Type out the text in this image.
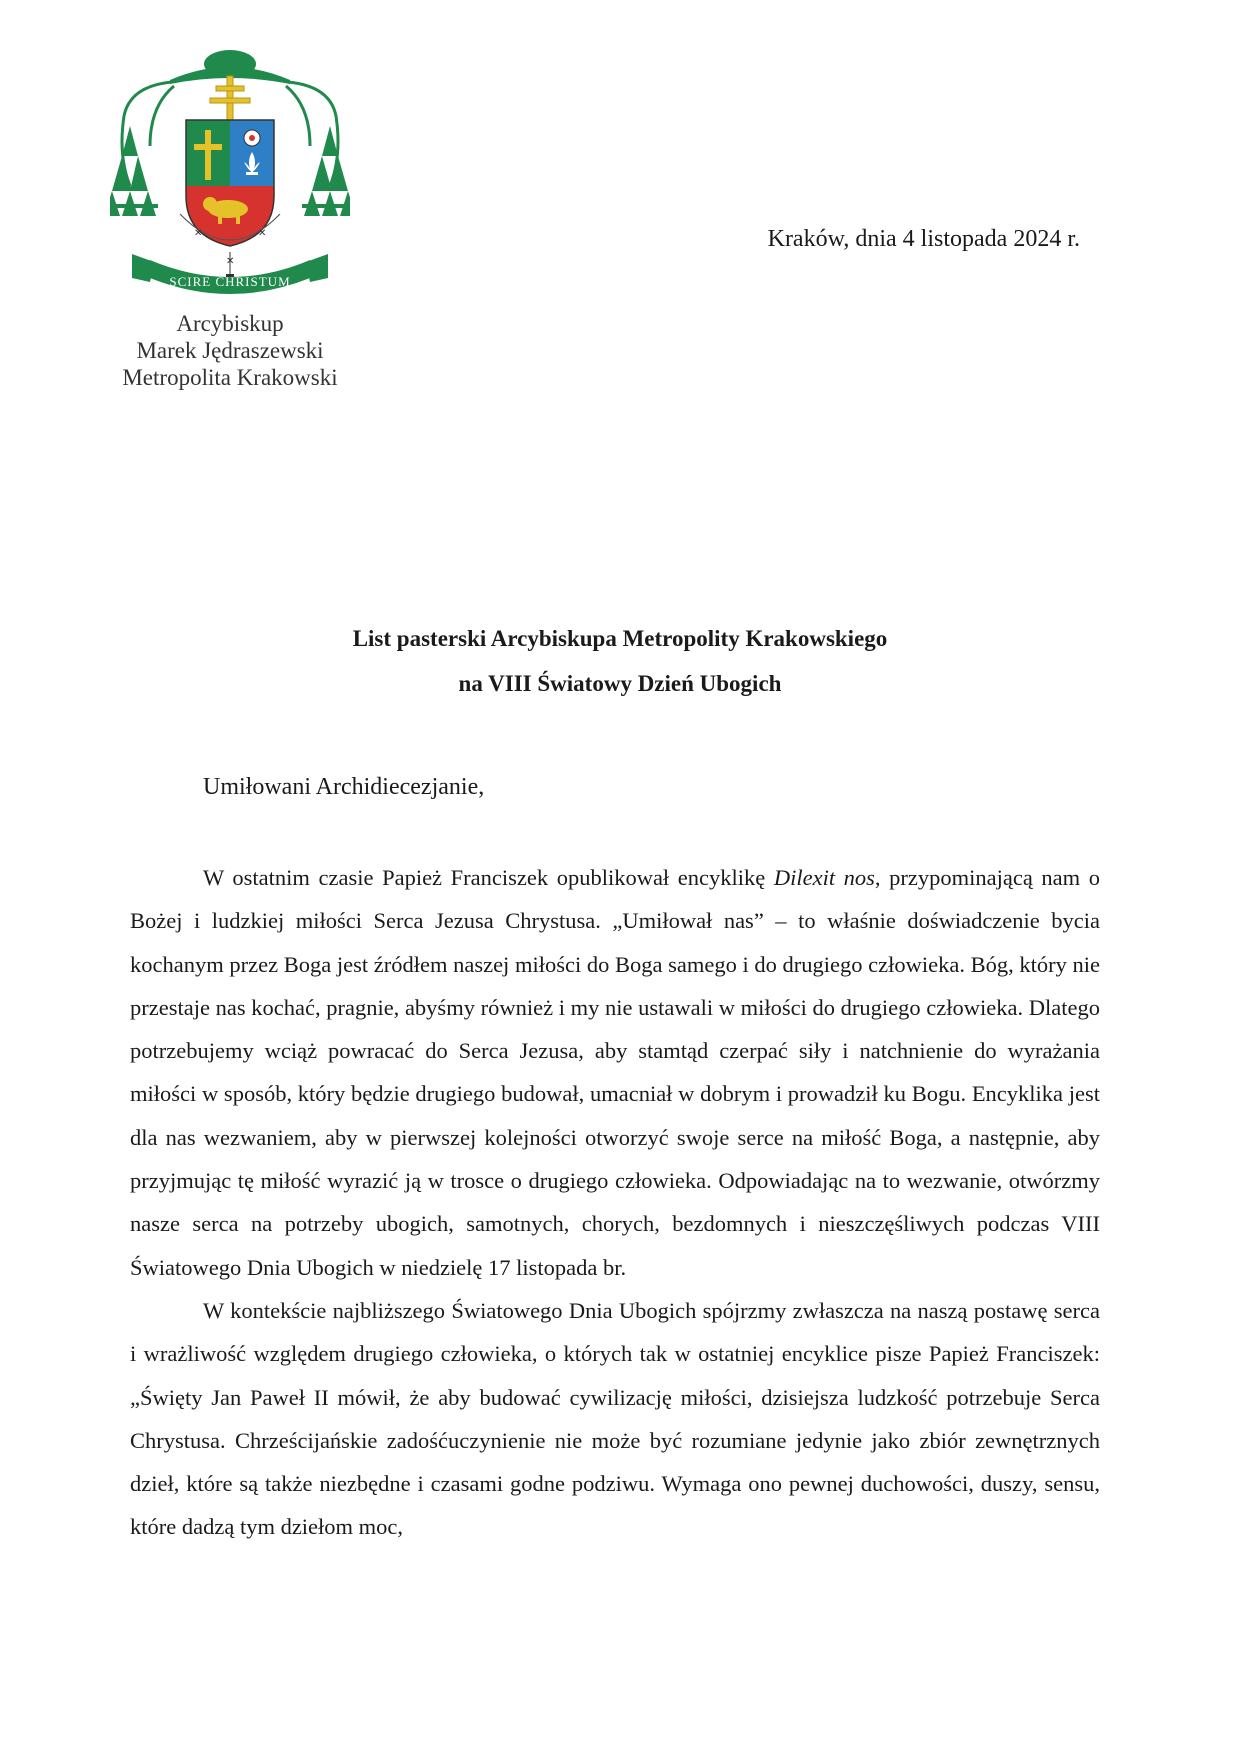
✕	✕
✕
SCIRE CHRISTUM
Arcybiskup
Marek Jędraszewski
Metropolita Krakowski
Kraków, dnia 4 listopada 2024 r.
List pasterski Arcybiskupa Metropolity Krakowskiego
na VIII Światowy Dzień Ubogich
Umiłowani Archidiecezjanie,

W ostatnim czasie Papież Franciszek opublikował encyklikę Dilexit nos, przypominającą nam o Bożej i ludzkiej miłości Serca Jezusa Chrystusa. „Umiłował nas” – to właśnie doświadczenie bycia kochanym przez Boga jest źródłem naszej miłości do Boga samego i do drugiego człowieka. Bóg, który nie przestaje nas kochać, pragnie, abyśmy również i my nie ustawali w miłości do drugiego człowieka. Dlatego potrzebujemy wciąż powracać do Serca Jezusa, aby stamtąd czerpać siły i natchnienie do wyrażania miłości w sposób, który będzie drugiego budował, umacniał w dobrym i prowadził ku Bogu. Encyklika jest dla nas wezwaniem, aby w pierwszej kolejności otworzyć swoje serce na miłość Boga, a następnie, aby przyjmując tę miłość wyrazić ją w trosce o drugiego człowieka. Odpowiadając na to wezwanie, otwórzmy nasze serca na potrzeby ubogich, samotnych, chorych, bezdomnych i nieszczęśliwych podczas VIII Światowego Dnia Ubogich w niedzielę 17 listopada br.

W kontekście najbliższego Światowego Dnia Ubogich spójrzmy zwłaszcza na naszą postawę serca i wrażliwość względem drugiego człowieka, o których tak w ostatniej encyklice pisze Papież Franciszek: „Święty Jan Paweł II mówił, że aby budować cywilizację miłości, dzisiejsza ludzkość potrzebuje Serca Chrystusa. Chrześcijańskie zadośćuczynienie nie może być rozumiane jedynie jako zbiór zewnętrznych dzieł, które są także niezbędne i czasami godne podziwu. Wymaga ono pewnej duchowości, duszy, sensu, które dadzą tym dziełom moc,
